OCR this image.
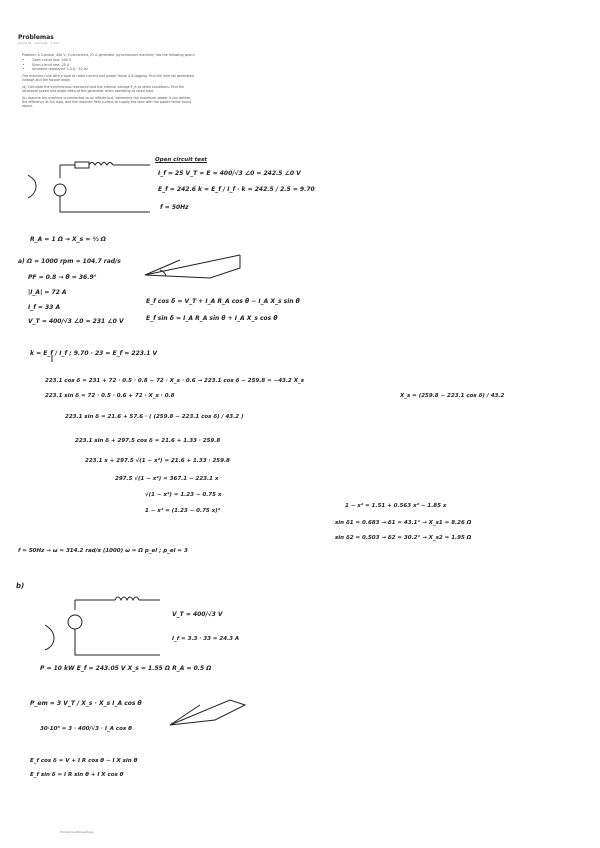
Problemas
Lance S1 · Last edit · 2 min
Problem: a 3-phase, 400 V, Y-connected, 25 A generator (synchronous machine) has the following specs:
• Open circuit test: 400 V
• Short-circuit test: 25 A
• Armature resistance 1.0 Ω · 50 Hz

The machine runs with a load at rated current and power factor 0.8 lagging. Find the internal generated voltage and the torque angle.

(a) Calculate the synchronous reactance and the internal voltage E_A at rated conditions. Find the rotational speed and angle delta of the generator when operating at rated load.

(b) Assume the machine is connected to an infinite bus, determine the maximum power it can deliver, the efficiency at full load, and the required field current to supply the load with the power factor found above.

Open circuit test
I_f = 25 V_T = E = 400/√3 ∠0 = 242.5 ∠0 V
E_f = 242.6 k = E_f / I_f · k = 242.5 / 2.5 = 9.70
f = 50Hz
R_A = 1 Ω → X_s = ½ Ω
a) Ω = 1000 rpm = 104.7 rad/s
PF = 0.8 → θ = 36.9°
|I_A| = 72 A
I_f = 33 A
V_T = 400/√3 ∠0 = 231 ∠0 V
E_f cos δ = V_T + I_A R_A cos θ − I_A X_s sin θ
E_f sin δ = I_A R_A sin θ + I_A X_s cos θ
k = E_f / I_f ; 9.70 · 23 = E_f = 223.1 V
223.1 cos δ = 231 + 72 · 0.5 · 0.8 − 72 · X_s · 0.6 → 223.1 cos δ − 259.8 = −43.2 X_s
223.1 sin δ = 72 · 0.5 · 0.6 + 72 · X_s · 0.8	X_s = (259.8 − 223.1 cos δ) / 43.2
223.1 sin δ = 21.6 + 57.6 · ( (259.8 − 223.1 cos δ) / 43.2 )
223.1 sin δ + 297.5 cos δ = 21.6 + 1.33 · 259.8
223.1 x + 297.5 √(1 − x²) = 21.6 + 1.33 · 259.8
297.5 √(1 − x²) = 367.1 − 223.1 x
√(1 − x²) = 1.23 − 0.75 x
1 − x² = (1.23 − 0.75 x)²
1 − x² = 1.51 + 0.563 x² − 1.85 x
sin δ1 = 0.683 → δ1 = 43.1° → X_s1 = 8.26 Ω
sin δ2 = 0.503 → δ2 = 30.2° → X_s2 = 1.95 Ω
f = 50Hz → ω = 314.2 rad/s (1000) ω = Ω p_el ; p_el = 3
b)
V_T = 400/√3 V
I_f = 3.3 · 33 = 24.3 A
P = 10 kW E_f = 243.05 V X_s = 1.55 Ω R_A = 0.5 Ω
P_em = 3 V_T / X_s · X_s I_A cos θ
30·10³ = 3 · 400/√3 · I_A cos θ
E_f cos δ = V + I R cos θ − I X sin θ
E_f sin δ = I R sin θ + I X cos θ
Problemas/Notes/Page
